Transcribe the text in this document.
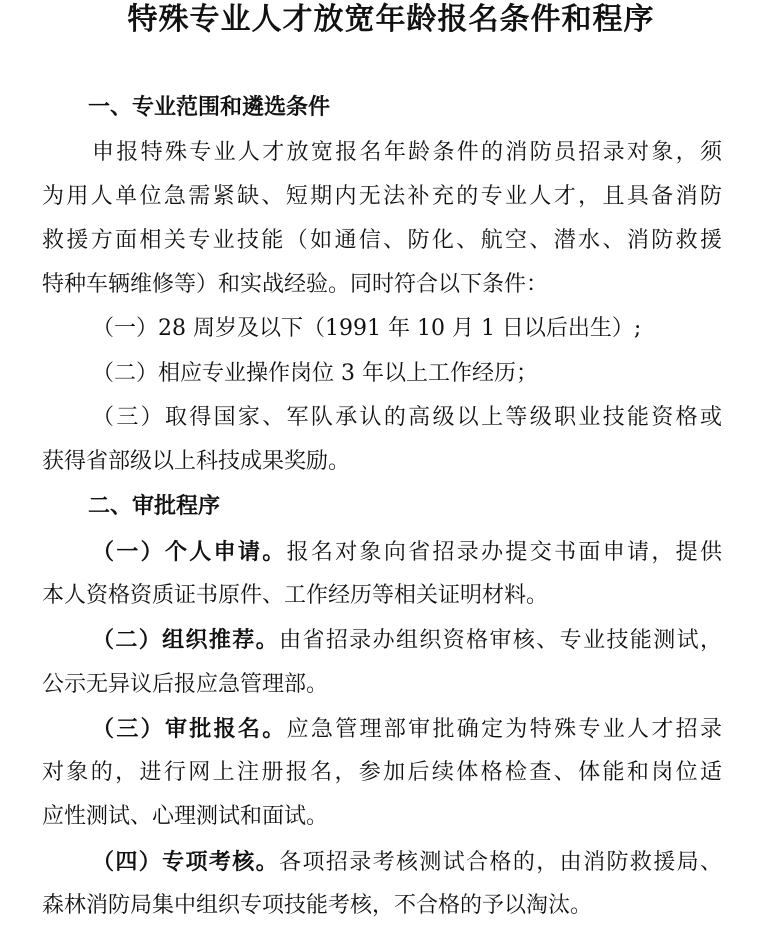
特殊专业人才放宽年龄报名条件和程序
一、专业范围和遴选条件
申报特殊专业人才放宽报名年龄条件的消防员招录对象，须
为用人单位急需紧缺、短期内无法补充的专业人才，且具备消防
救援方面相关专业技能（如通信、防化、航空、潜水、消防救援
特种车辆维修等）和实战经验。同时符合以下条件：
（一）28 周岁及以下（1991 年 10 月 1 日以后出生）;
（二）相应专业操作岗位 3 年以上工作经历；
（三）取得国家、军队承认的高级以上等级职业技能资格或
获得省部级以上科技成果奖励。
二、审批程序
（一）个人申请。报名对象向省招录办提交书面申请，提供
本人资格资质证书原件、工作经历等相关证明材料。
（二）组织推荐。由省招录办组织资格审核、专业技能测试，
公示无异议后报应急管理部。
（三）审批报名。应急管理部审批确定为特殊专业人才招录
对象的，进行网上注册报名，参加后续体格检查、体能和岗位适
应性测试、心理测试和面试。
（四）专项考核。各项招录考核测试合格的，由消防救援局、
森林消防局集中组织专项技能考核，不合格的予以淘汰。
